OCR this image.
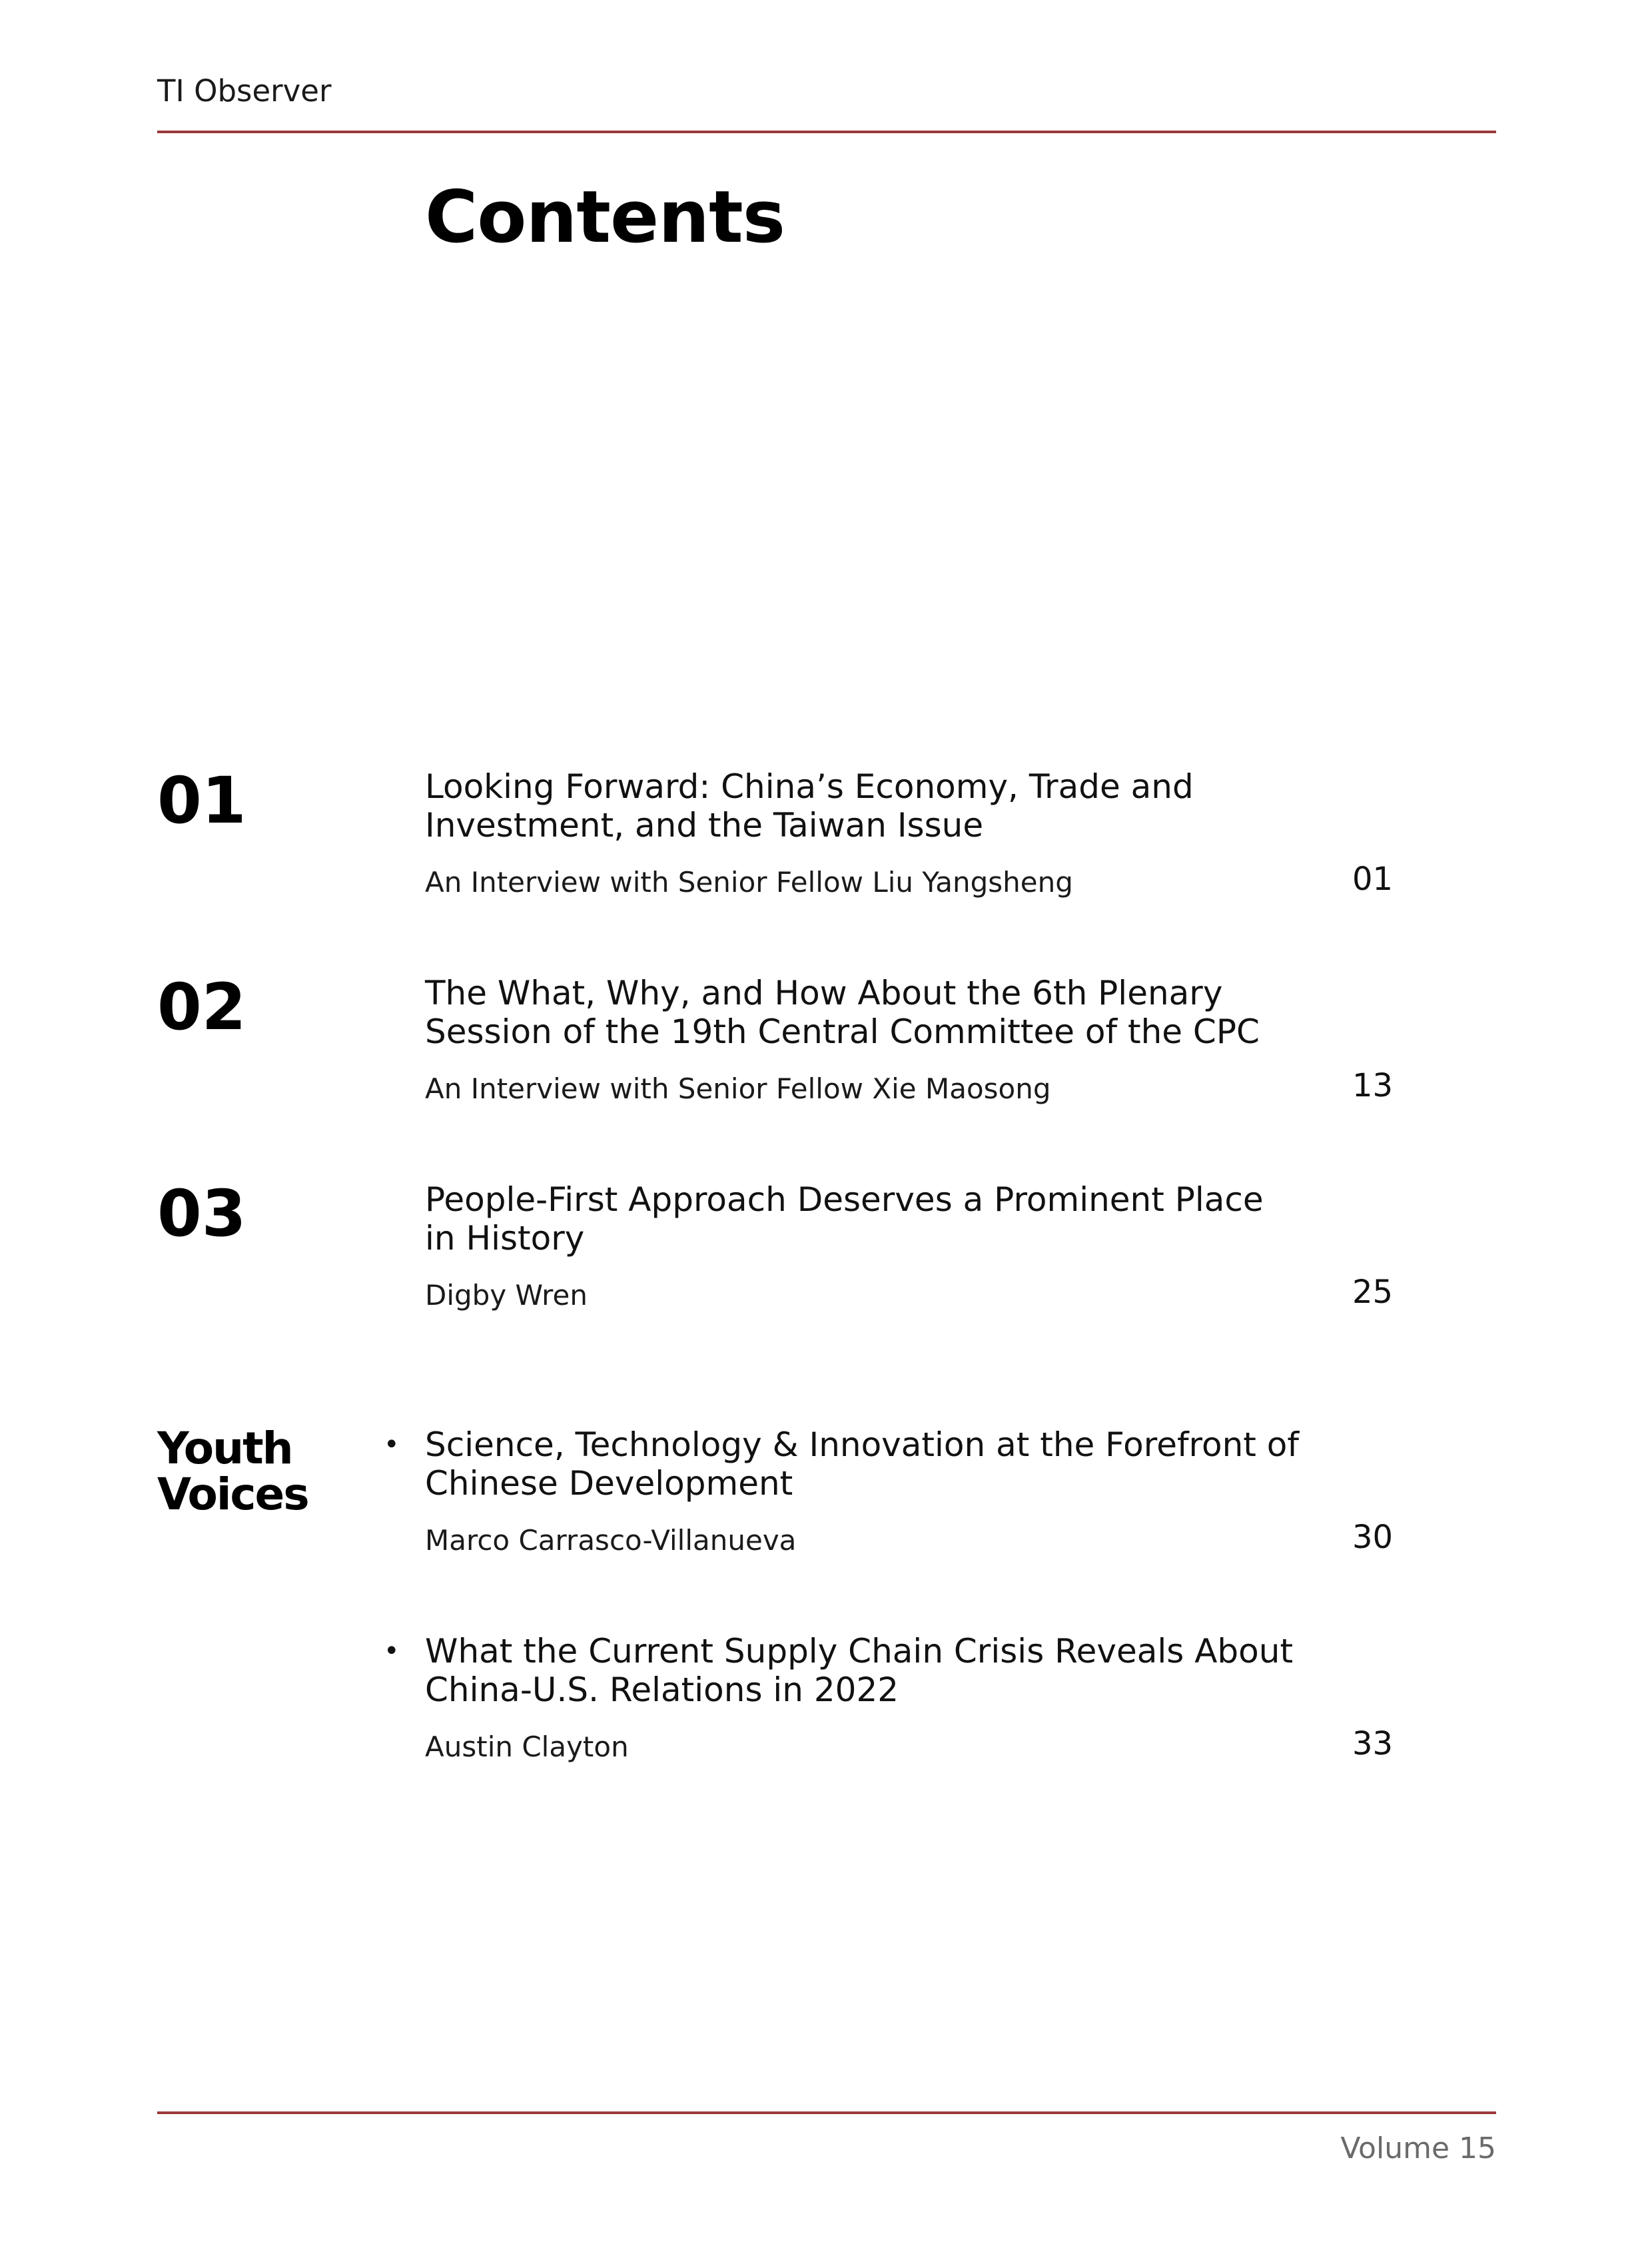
TI Observer
Contents
01	Looking Forward: China’s Economy, Trade and Investment, and the Taiwan Issue
An Interview with Senior Fellow Liu Yangsheng	01
02	The What, Why, and How About the 6th Plenary Session of the 19th Central Committee of the CPC
An Interview with Senior Fellow Xie Maosong	13
03	People-First Approach Deserves a Prominent Place in History
Digby Wren	25
Youth
Voices
• Science, Technology & Innovation at the Forefront of Chinese Development
Marco Carrasco-Villanueva	30
• What the Current Supply Chain Crisis Reveals About China-U.S. Relations in 2022
Austin Clayton	33
Volume 15
